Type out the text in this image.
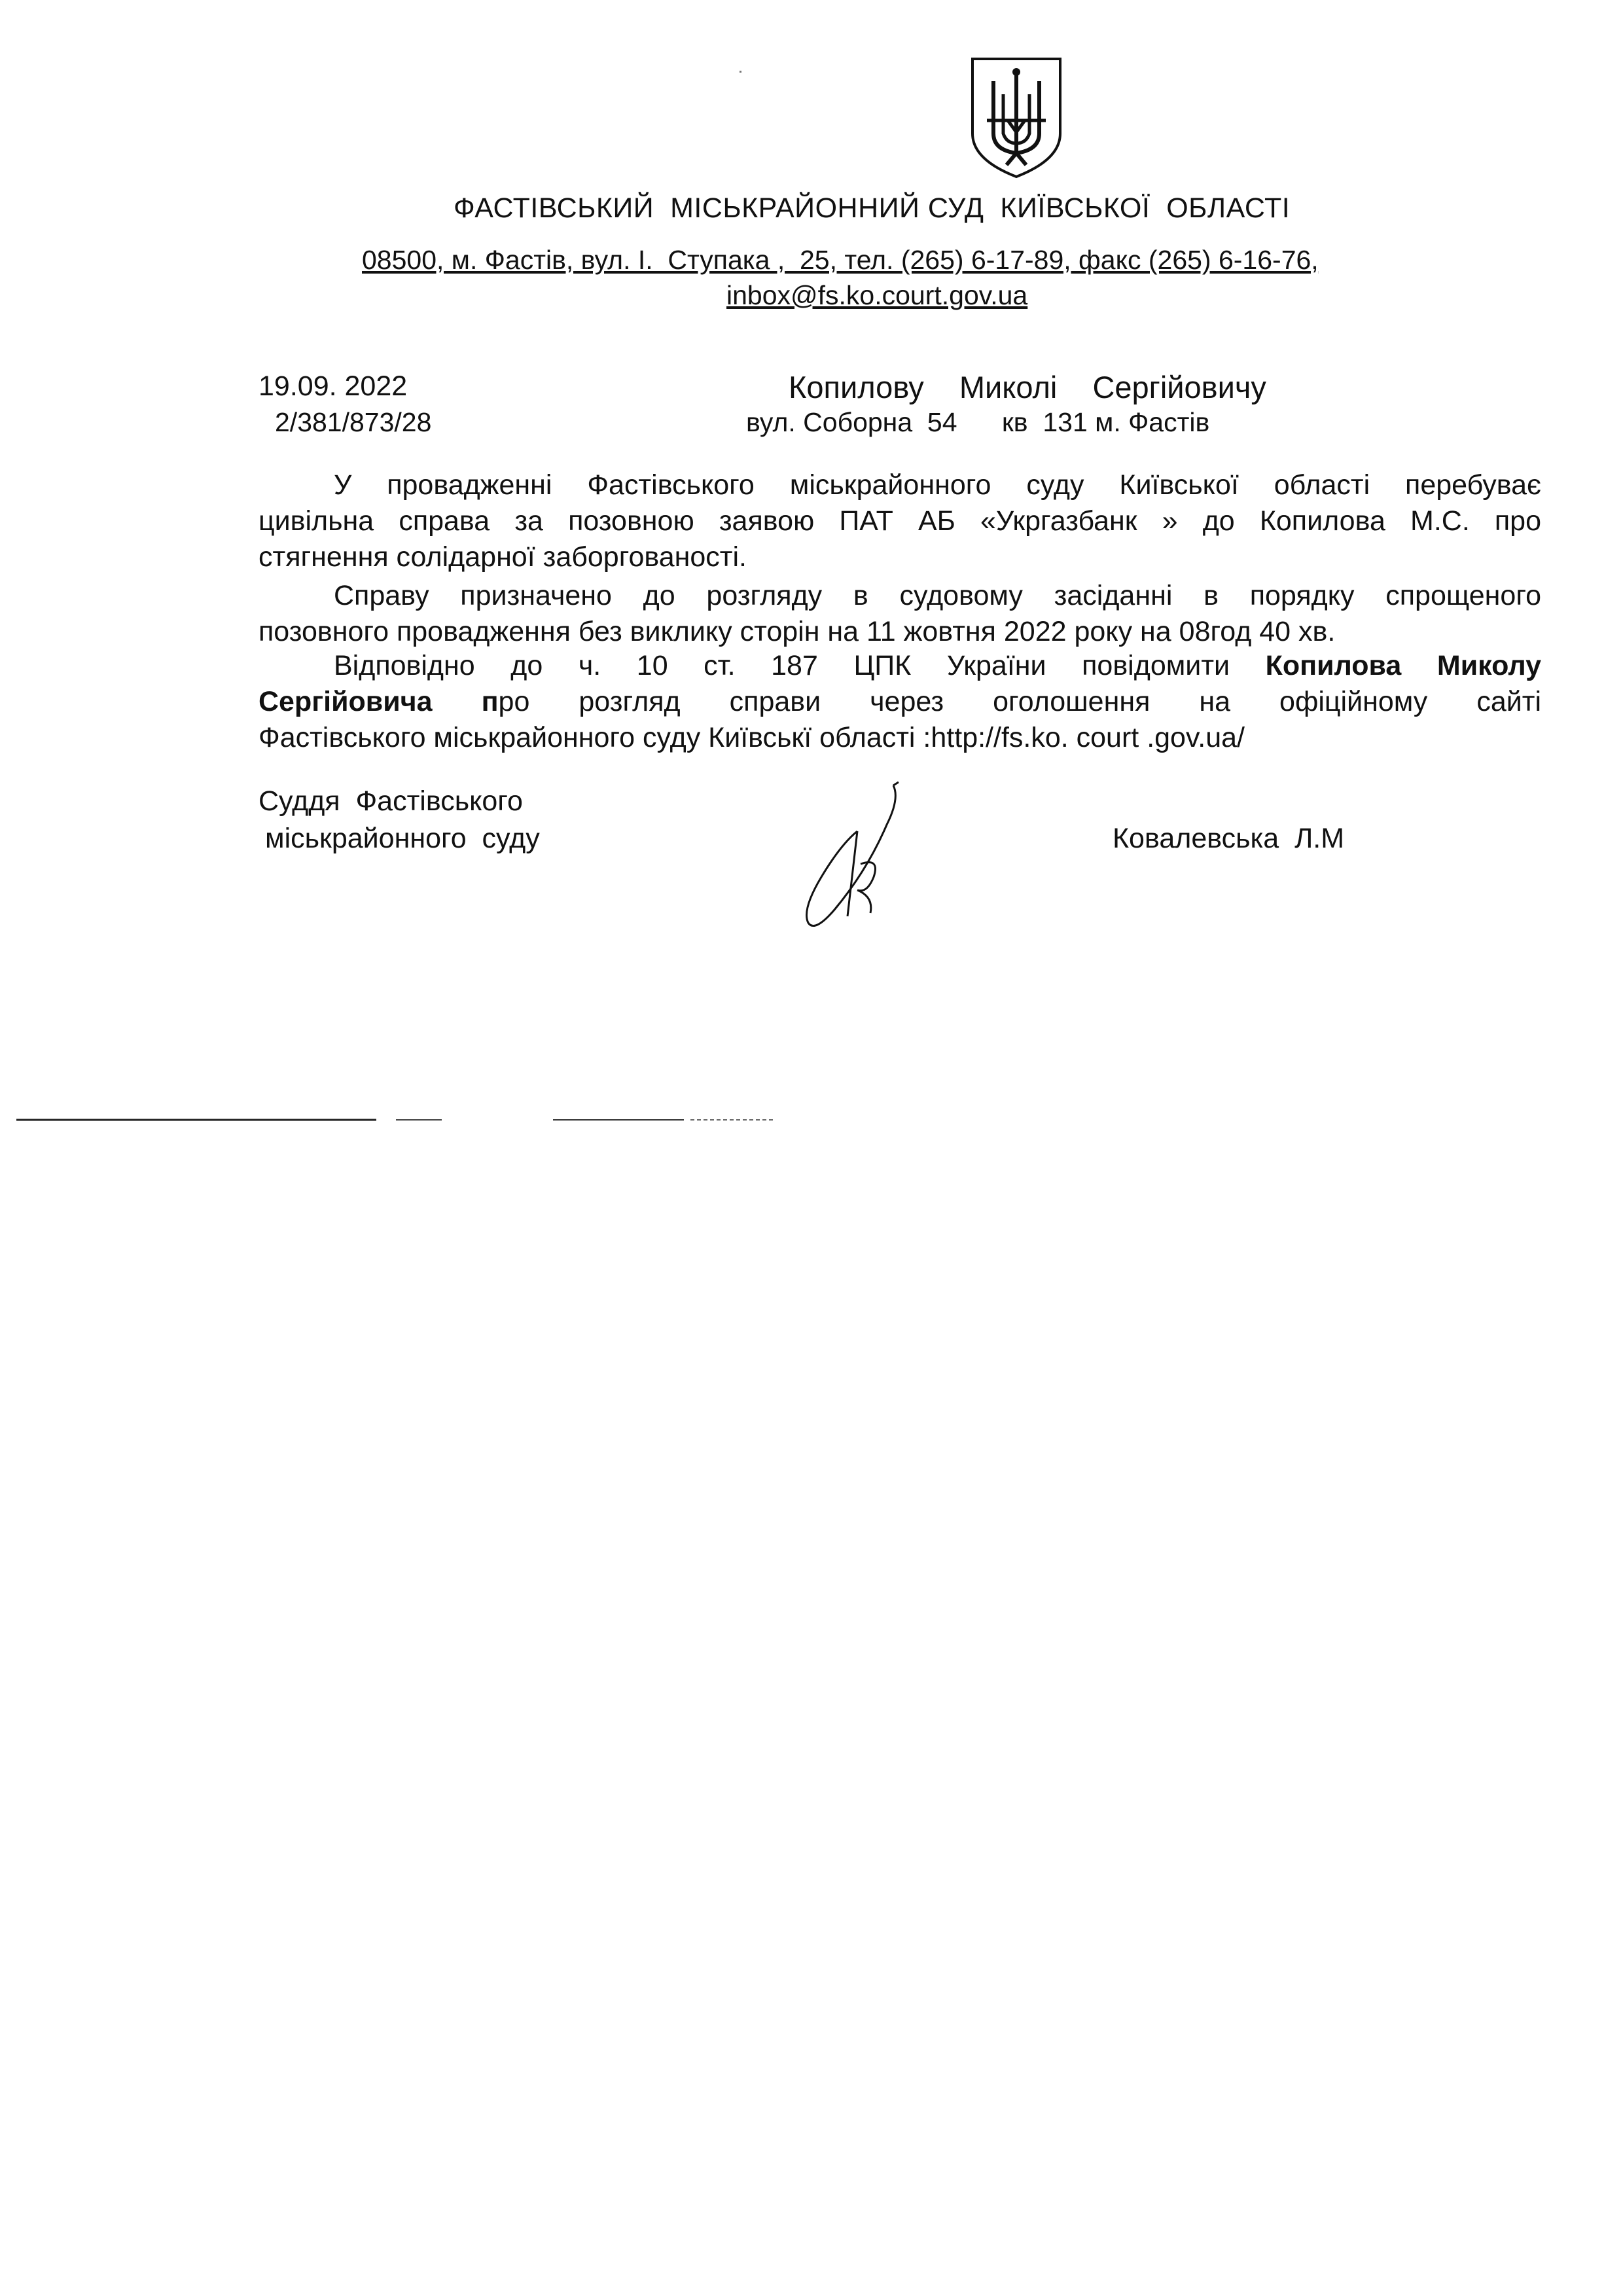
ФАСТІВСЬКИЙ  МІСЬКРАЙОННИЙ СУД  КИЇВСЬКОЇ  ОБЛАСТІ
08500, м. Фастів, вул. І.  Ступака ,  25, тел. (265) 6-17-89, факс (265) 6-16-76,
inbox@fs.ko.court.gov.ua
19.09. 2022
2/381/873/28
Копилову  Миколі  Сергійовичу
вул. Соборна  54      кв  131 м. Фастів
У провадженні Фастівського міськрайонного суду Київської області перебуває
цивільна справа за позовною заявою ПАТ АБ «Укргазбанк » до Копилова М.С. про
стягнення солідарної заборгованості.
Справу призначено до розгляду в судовому засіданні в порядку спрощеного
позовного провадження без виклику сторін на 11 жовтня 2022 року на 08год 40 хв.
Відповідно до ч. 10 ст. 187 ЦПК України повідомити Копилова Миколу
Сергійовича про розгляд справи через оголошення на офіційному сайті
Фастівського міськрайонного суду Київськї області :http://fs.ko. court .gov.ua/
Суддя  Фастівського
міськрайонного  суду	Ковалевська  Л.М
